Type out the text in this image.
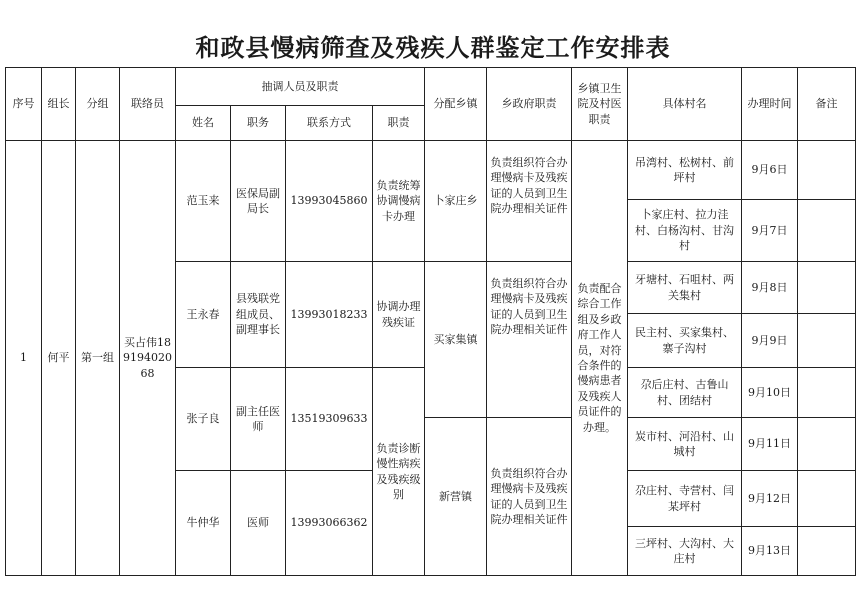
和政县慢病筛查及残疾人群鉴定工作安排表
序号	组长	分组	联络员	抽调人员及职责				分配乡镇	乡政府职责	乡镇卫生院及村医职责	具体村名	办理时间	备注
				姓名	职务	联系方式	职责						
1	何平	第一组	买占伟18919402068	范玉来	医保局副局长	13993045860	负责统筹协调慢病卡办理	卜家庄乡	负责组织符合办理慢病卡及残疾证的人员到卫生院办理相关证件	负责配合综合工作组及乡政府工作人员，对符合条件的慢病患者及残疾人员证件的办理。	吊湾村、松树村、前坪村	9月6日	
											卜家庄村、拉力洼村、白杨沟村、甘沟村	9月7日	
				王永春	县残联党组成员、副理事长	13993018233	协调办理残疾证	买家集镇	负责组织符合办理慢病卡及残疾证的人员到卫生院办理相关证件		牙塘村、石咀村、两关集村	9月8日	
											民主村、买家集村、寨子沟村	9月9日	
				张子良	副主任医师	13519309633	负责诊断慢性病疾及残疾级别				尕后庄村、古鲁山村、团结村	9月10日	
								新营镇	负责组织符合办理慢病卡及残疾证的人员到卫生院办理相关证件		炭市村、河沿村、山城村	9月11日	
				牛仲华	医师	13993066362					尕庄村、寺营村、闫某坪村	9月12日	
											三坪村、大沟村、大庄村	9月13日	
